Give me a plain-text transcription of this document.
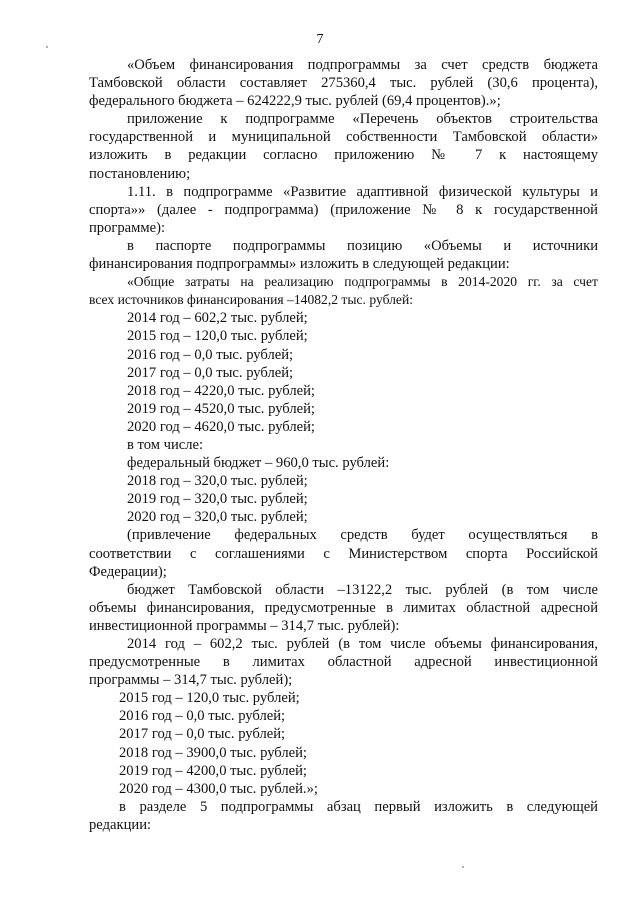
7
«Объем финансирования подпрограммы за счет средств бюджета
Тамбовской области составляет 275360,4 тыс. рублей (30,6 процента),
федерального бюджета – 624222,9 тыс. рублей (69,4 процентов).»;
приложение к подпрограмме «Перечень объектов строительства
государственной и муниципальной собственности Тамбовской области»
изложить в редакции согласно приложению № 7 к настоящему
постановлению;
1.11. в подпрограмме «Развитие адаптивной физической культуры и
спорта»» (далее - подпрограмма) (приложение № 8 к государственной
программе):
в паспорте подпрограммы позицию «Объемы и источники
финансирования подпрограммы» изложить в следующей редакции:
«Общие затраты на реализацию подпрограммы в 2014-2020 гг. за счет
всех источников финансирования –14082,2 тыс. рублей:
2014 год – 602,2 тыс. рублей;
2015 год – 120,0 тыс. рублей;
2016 год – 0,0 тыс. рублей;
2017 год – 0,0 тыс. рублей;
2018 год – 4220,0 тыс. рублей;
2019 год – 4520,0 тыс. рублей;
2020 год – 4620,0 тыс. рублей;
в том числе:
федеральный бюджет – 960,0 тыс. рублей:
2018 год – 320,0 тыс. рублей;
2019 год – 320,0 тыс. рублей;
2020 год – 320,0 тыс. рублей;
(привлечение федеральных средств будет осуществляться в
соответствии с соглашениями с Министерством спорта Российской
Федерации);
бюджет Тамбовской области –13122,2 тыс. рублей (в том числе
объемы финансирования, предусмотренные в лимитах областной адресной
инвестиционной программы – 314,7 тыс. рублей):
2014 год – 602,2 тыс. рублей (в том числе объемы финансирования,
предусмотренные в лимитах областной адресной инвестиционной
программы – 314,7 тыс. рублей);
2015 год – 120,0 тыс. рублей;
2016 год – 0,0 тыс. рублей;
2017 год – 0,0 тыс. рублей;
2018 год – 3900,0 тыс. рублей;
2019 год – 4200,0 тыс. рублей;
2020 год – 4300,0 тыс. рублей.»;
в разделе 5 подпрограммы абзац первый изложить в следующей
редакции:
